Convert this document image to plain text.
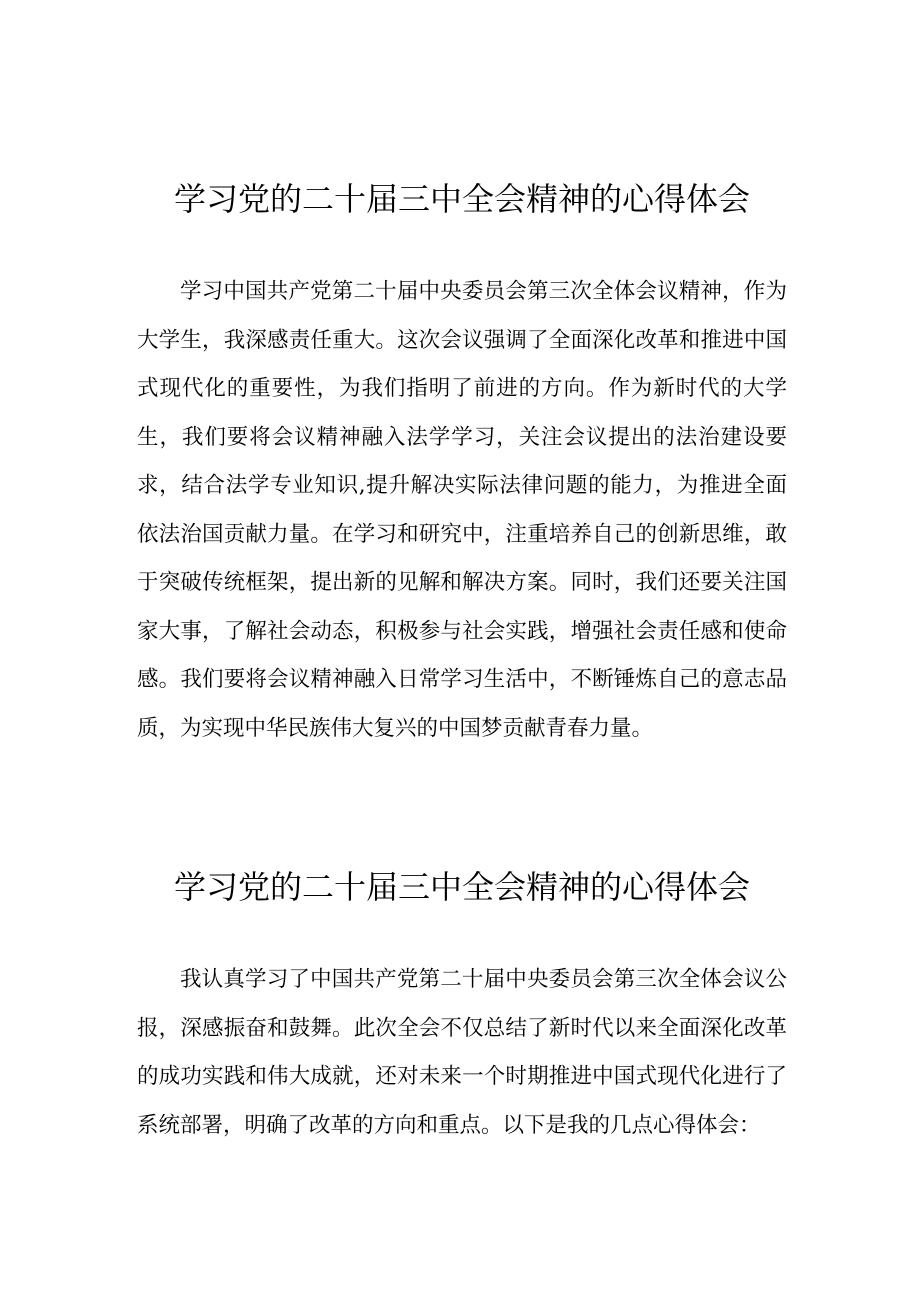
学习党的二十届三中全会精神的心得体会

学习中国共产党第二十届中央委员会第三次全体会议精神，作为大学生，我深感责任重大。这次会议强调了全面深化改革和推进中国式现代化的重要性，为我们指明了前进的方向。作为新时代的大学生，我们要将会议精神融入法学学习，关注会议提出的法治建设要求，结合法学专业知识,提升解决实际法律问题的能力，为推进全面依法治国贡献力量。在学习和研究中，注重培养自己的创新思维，敢于突破传统框架，提出新的见解和解决方案。同时，我们还要关注国家大事，了解社会动态，积极参与社会实践，增强社会责任感和使命感。我们要将会议精神融入日常学习生活中，不断锤炼自己的意志品质，为实现中华民族伟大复兴的中国梦贡献青春力量。

学习党的二十届三中全会精神的心得体会

我认真学习了中国共产党第二十届中央委员会第三次全体会议公报，深感振奋和鼓舞。此次全会不仅总结了新时代以来全面深化改革的成功实践和伟大成就，还对未来一个时期推进中国式现代化进行了系统部署，明确了改革的方向和重点。以下是我的几点心得体会：
